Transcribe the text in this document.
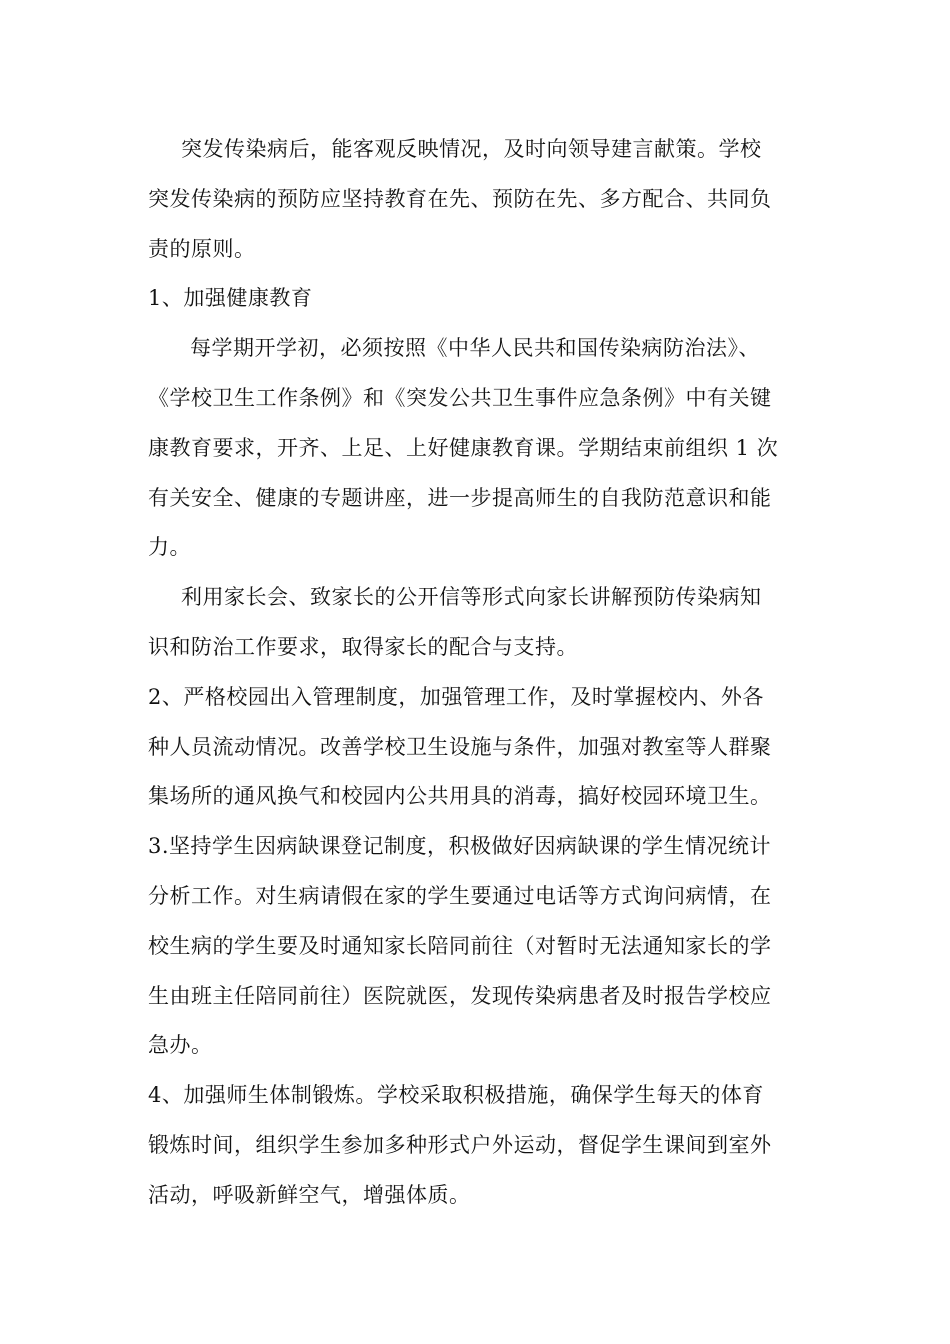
突发传染病后，能客观反映情况，及时向领导建言献策。学校
突发传染病的预防应坚持教育在先、预防在先、多方配合、共同负
责的原则。
1、加强健康教育
每学期开学初，必须按照《中华人民共和国传染病防治法》、
《学校卫生工作条例》和《突发公共卫生事件应急条例》中有关键
康教育要求，开齐、上足、上好健康教育课。学期结束前组织 1 次
有关安全、健康的专题讲座，进一步提高师生的自我防范意识和能
力。
利用家长会、致家长的公开信等形式向家长讲解预防传染病知
识和防治工作要求，取得家长的配合与支持。
2、严格校园出入管理制度，加强管理工作，及时掌握校内、外各
种人员流动情况。改善学校卫生设施与条件，加强对教室等人群聚
集场所的通风换气和校园内公共用具的消毒，搞好校园环境卫生。
3.坚持学生因病缺课登记制度，积极做好因病缺课的学生情况统计
分析工作。对生病请假在家的学生要通过电话等方式询问病情，在
校生病的学生要及时通知家长陪同前往（对暂时无法通知家长的学
生由班主任陪同前往）医院就医，发现传染病患者及时报告学校应
急办。
4、加强师生体制锻炼。学校采取积极措施，确保学生每天的体育
锻炼时间，组织学生参加多种形式户外运动，督促学生课间到室外
活动，呼吸新鲜空气，增强体质。
